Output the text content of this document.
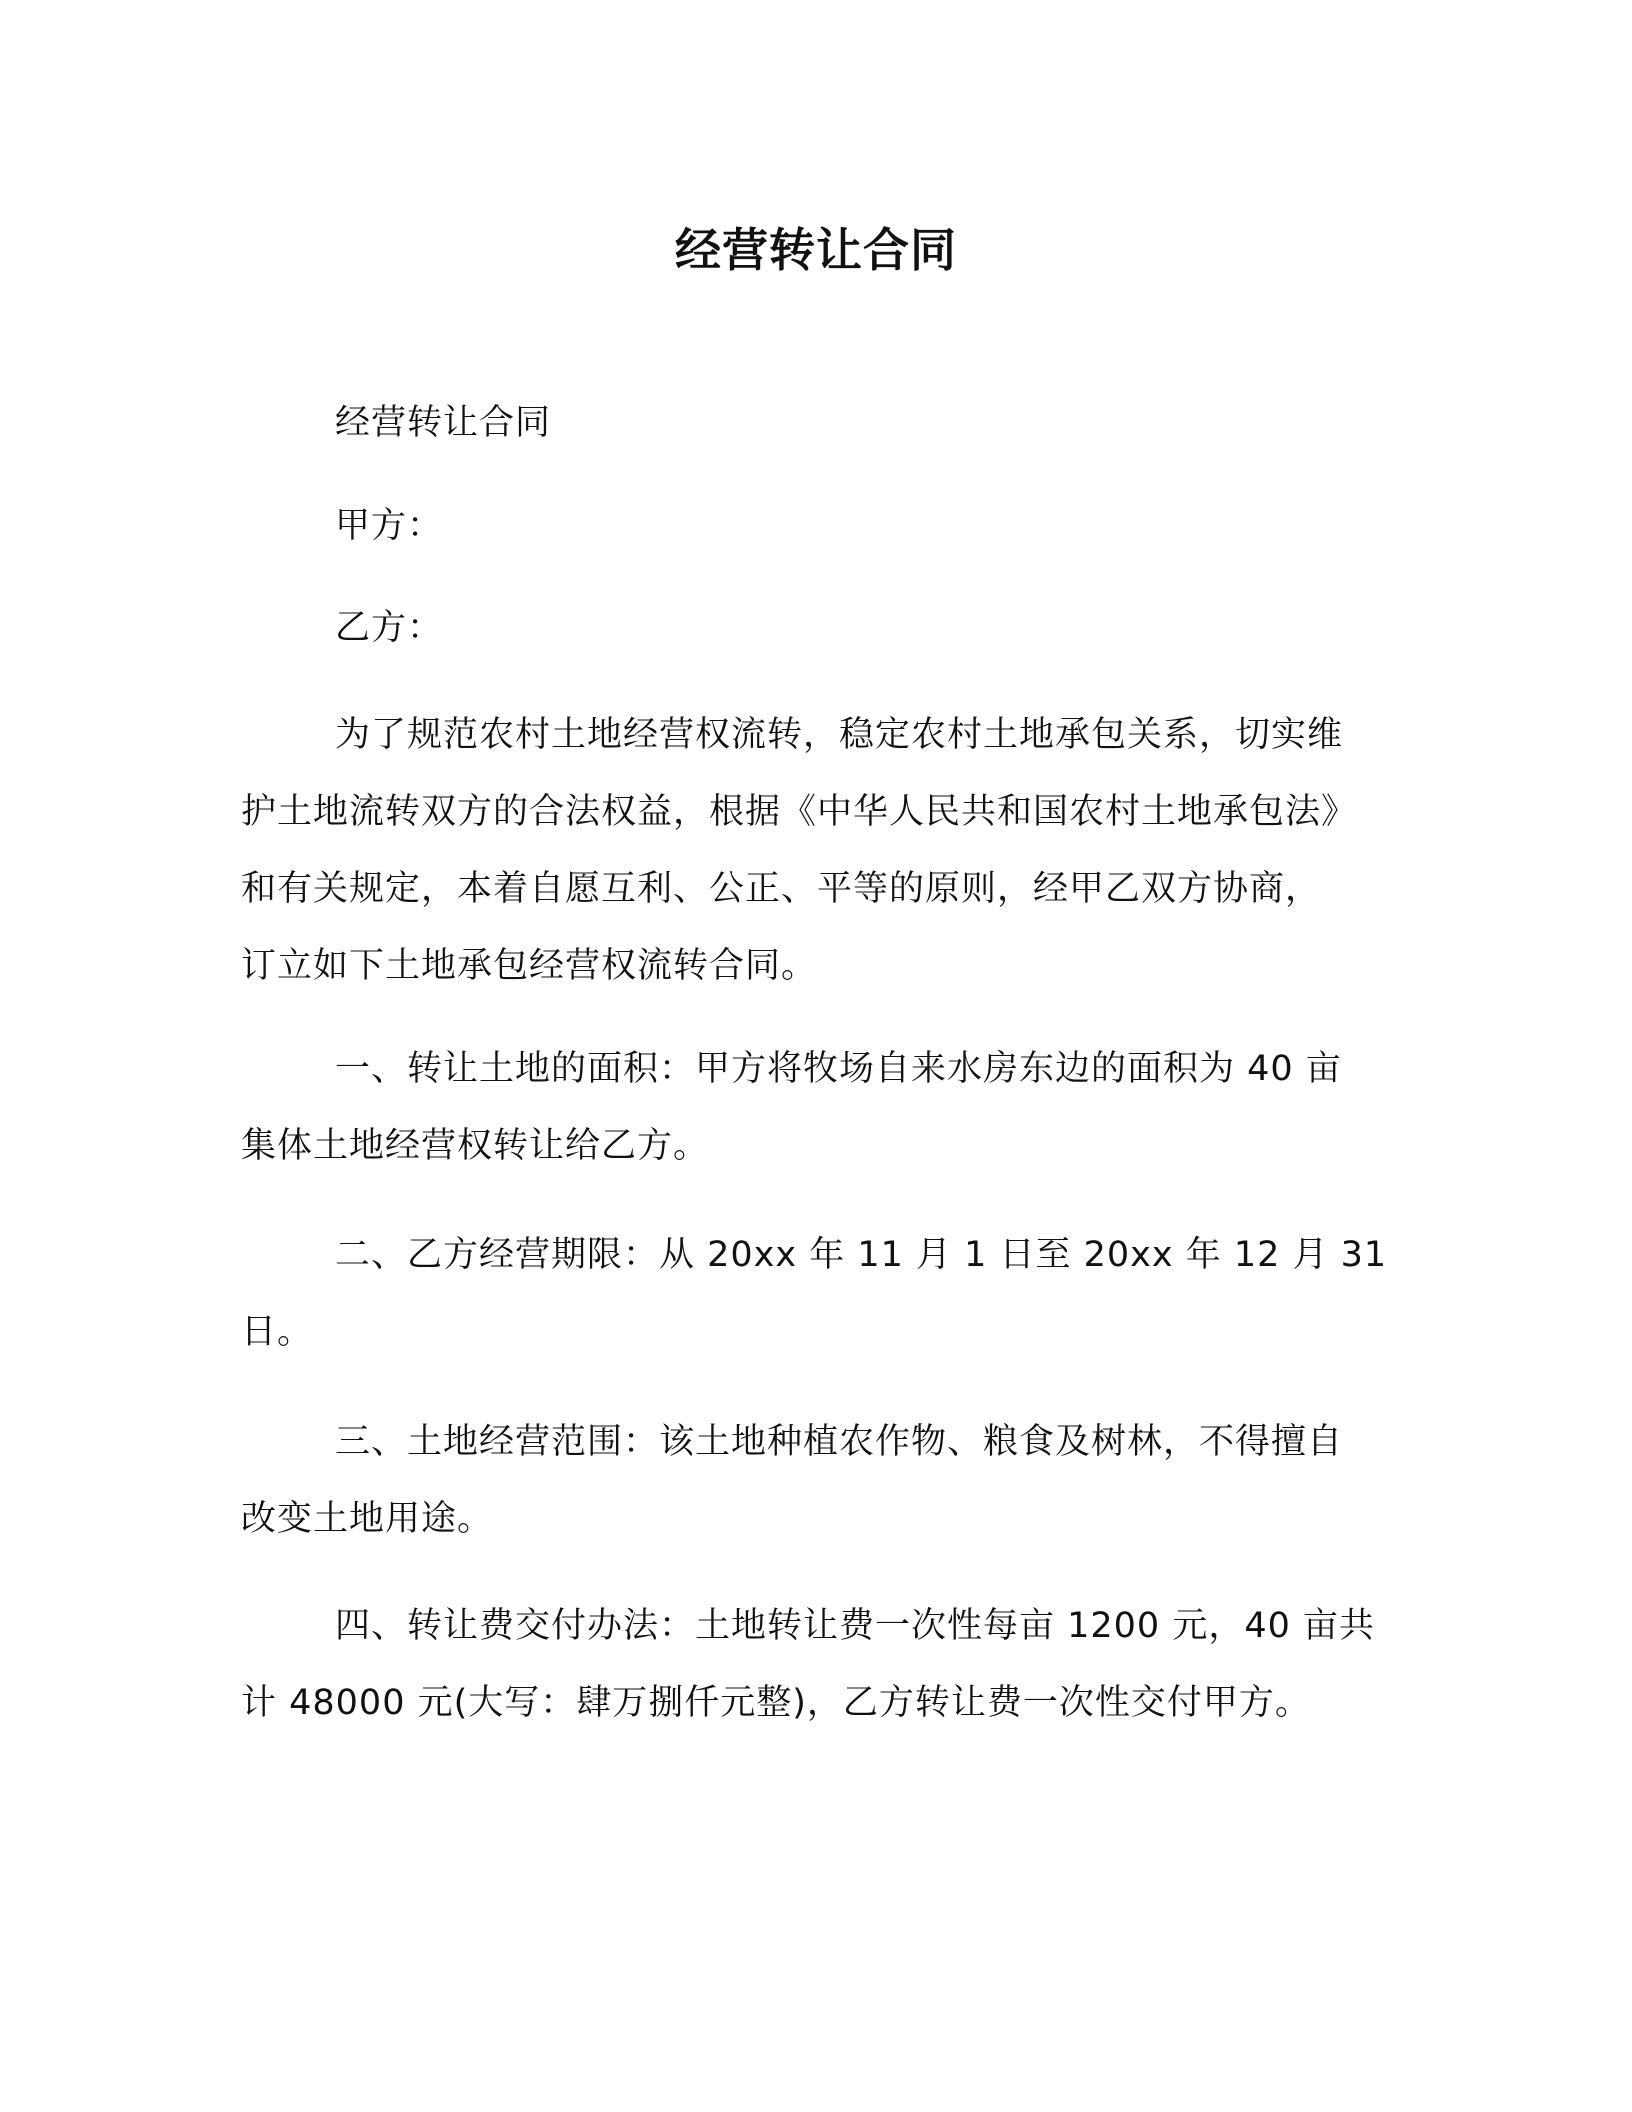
经营转让合同
经营转让合同
甲方：
乙方：
为了规范农村土地经营权流转，稳定农村土地承包关系，切实维
护土地流转双方的合法权益，根据《中华人民共和国农村土地承包法》
和有关规定，本着自愿互利、公正、平等的原则，经甲乙双方协商，
订立如下土地承包经营权流转合同。
一、转让土地的面积：甲方将牧场自来水房东边的面积为 40 亩
集体土地经营权转让给乙方。
二、乙方经营期限：从 20xx 年 11 月 1 日至 20xx 年 12 月 31
日。
三、土地经营范围：该土地种植农作物、粮食及树林，不得擅自
改变土地用途。
四、转让费交付办法：土地转让费一次性每亩 1200 元，40 亩共
计 48000 元(大写：肆万捌仟元整)，乙方转让费一次性交付甲方。
